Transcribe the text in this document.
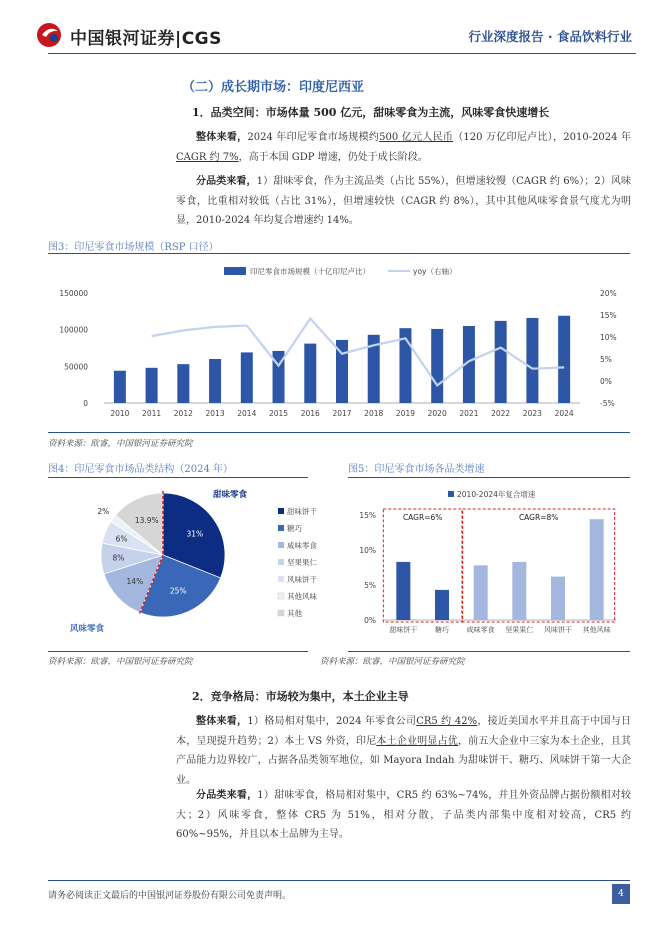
中国银河证券|CGS	行业深度报告 · 食品饮料行业
（二）成长期市场：印度尼西亚
1．品类空间：市场体量 500 亿元，甜味零食为主流，风味零食快速增长
整体来看，2024 年印尼零食市场规模约500 亿元人民币（120 万亿印尼卢比），2010-2024 年CAGR 约 7%，高于本国 GDP 增速，仍处于成长阶段。
分品类来看，1）甜味零食，作为主流品类（占比 55%），但增速较慢（CAGR 约 6%）；2）风味零食，比重相对较低（占比 31%），但增速较快（CAGR 约 8%），其中其他风味零食景气度尤为明显，2010-2024 年均复合增速约 14%。
图3：印尼零食市场规模（RSP 口径）
印尼零食市场规模（十亿印尼卢比）	yoy（右轴）
0
50000
100000
150000
-5%
0%
5%
10%
15%
20%
2010 2011 2012 2013 2014 2015 2016 2017 2018 2019 2020 2021 2022 2023 2024
资料来源：欧睿，中国银河证券研究院
图4：印尼零食市场品类结构（2024 年）
31%
25%
14%
8%
6%
2%
13.9%
甜味零食
风味零食
甜味饼干
糖巧
咸味零食
坚果果仁
风味饼干
其他风味
其他
资料来源：欧睿，中国银河证券研究院
图5：印尼零食市场各品类增速
2010-2024年复合增速
0%
5%
10%
15%
甜味饼干	糖巧	咸味零食 坚果果仁 风味饼干 其他风味
CAGR=6%	CAGR=8%
资料来源：欧睿，中国银河证券研究院
2．竞争格局：市场较为集中，本土企业主导
整体来看，1）格局相对集中，2024 年零食公司CR5 约 42%，接近美国水平并且高于中国与日本，呈现提升趋势；2）本土 VS 外资，印尼本土企业明显占优，前五大企业中三家为本土企业，且其产品能力边界较广，占据各品类领军地位，如 Mayora Indah 为甜味饼干、糖巧、风味饼干第一大企业。
分品类来看，1）甜味零食，格局相对集中，CR5 约 63%~74%，并且外资品牌占据份额相对较大；2）风味零食，整体 CR5 为 51%，相对分散，子品类内部集中度相对较高，CR5 约 60%~95%，并且以本土品牌为主导。
请务必阅读正文最后的中国银河证券股份有限公司免责声明。	4
